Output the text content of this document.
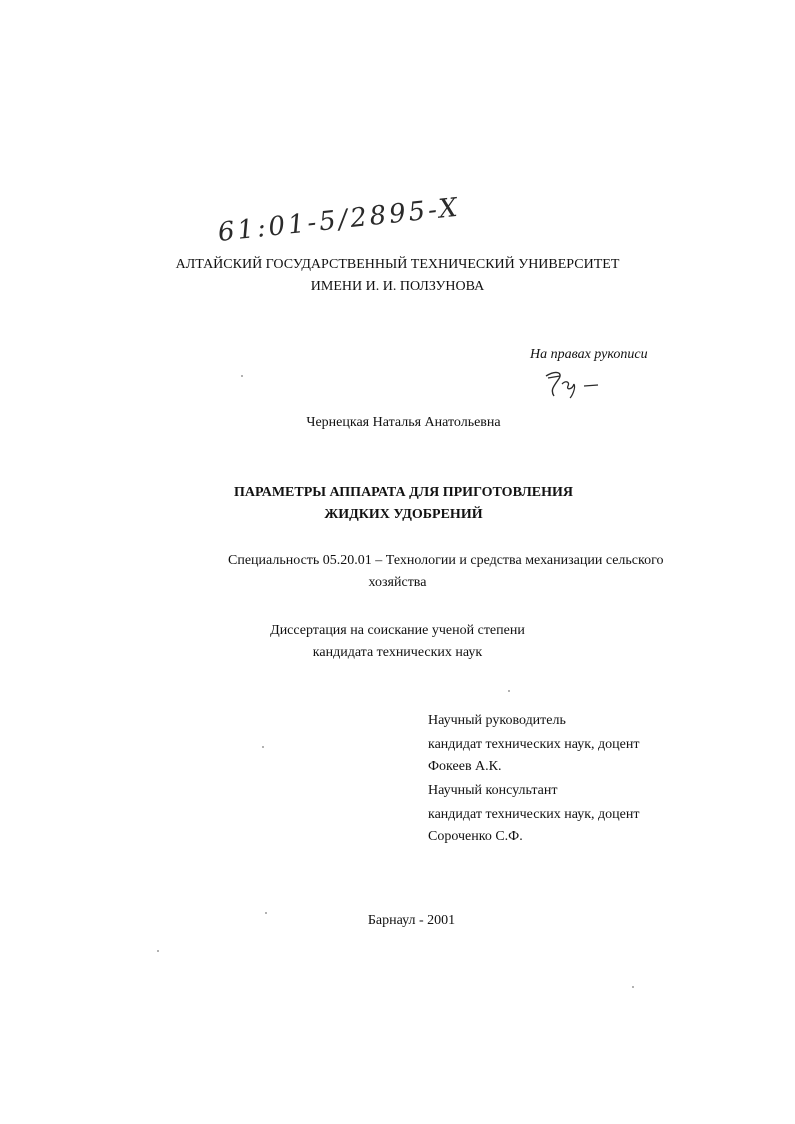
61:01-5/2895-X
АЛТАЙСКИЙ ГОСУДАРСТВЕННЫЙ ТЕХНИЧЕСКИЙ УНИВЕРСИТЕТ
ИМЕНИ И. И. ПОЛЗУНОВА
На правах рукописи
Чернецкая Наталья Анатольевна
ПАРАМЕТРЫ АППАРАТА ДЛЯ ПРИГОТОВЛЕНИЯ
ЖИДКИХ УДОБРЕНИЙ
Специальность 05.20.01 – Технологии и средства механизации сельского
хозяйства
Диссертация на соискание ученой степени
кандидата технических наук
Научный руководитель
кандидат технических наук, доцент
Фокеев А.К.
Научный консультант
кандидат технических наук, доцент
Сороченко С.Ф.
Барнаул - 2001
